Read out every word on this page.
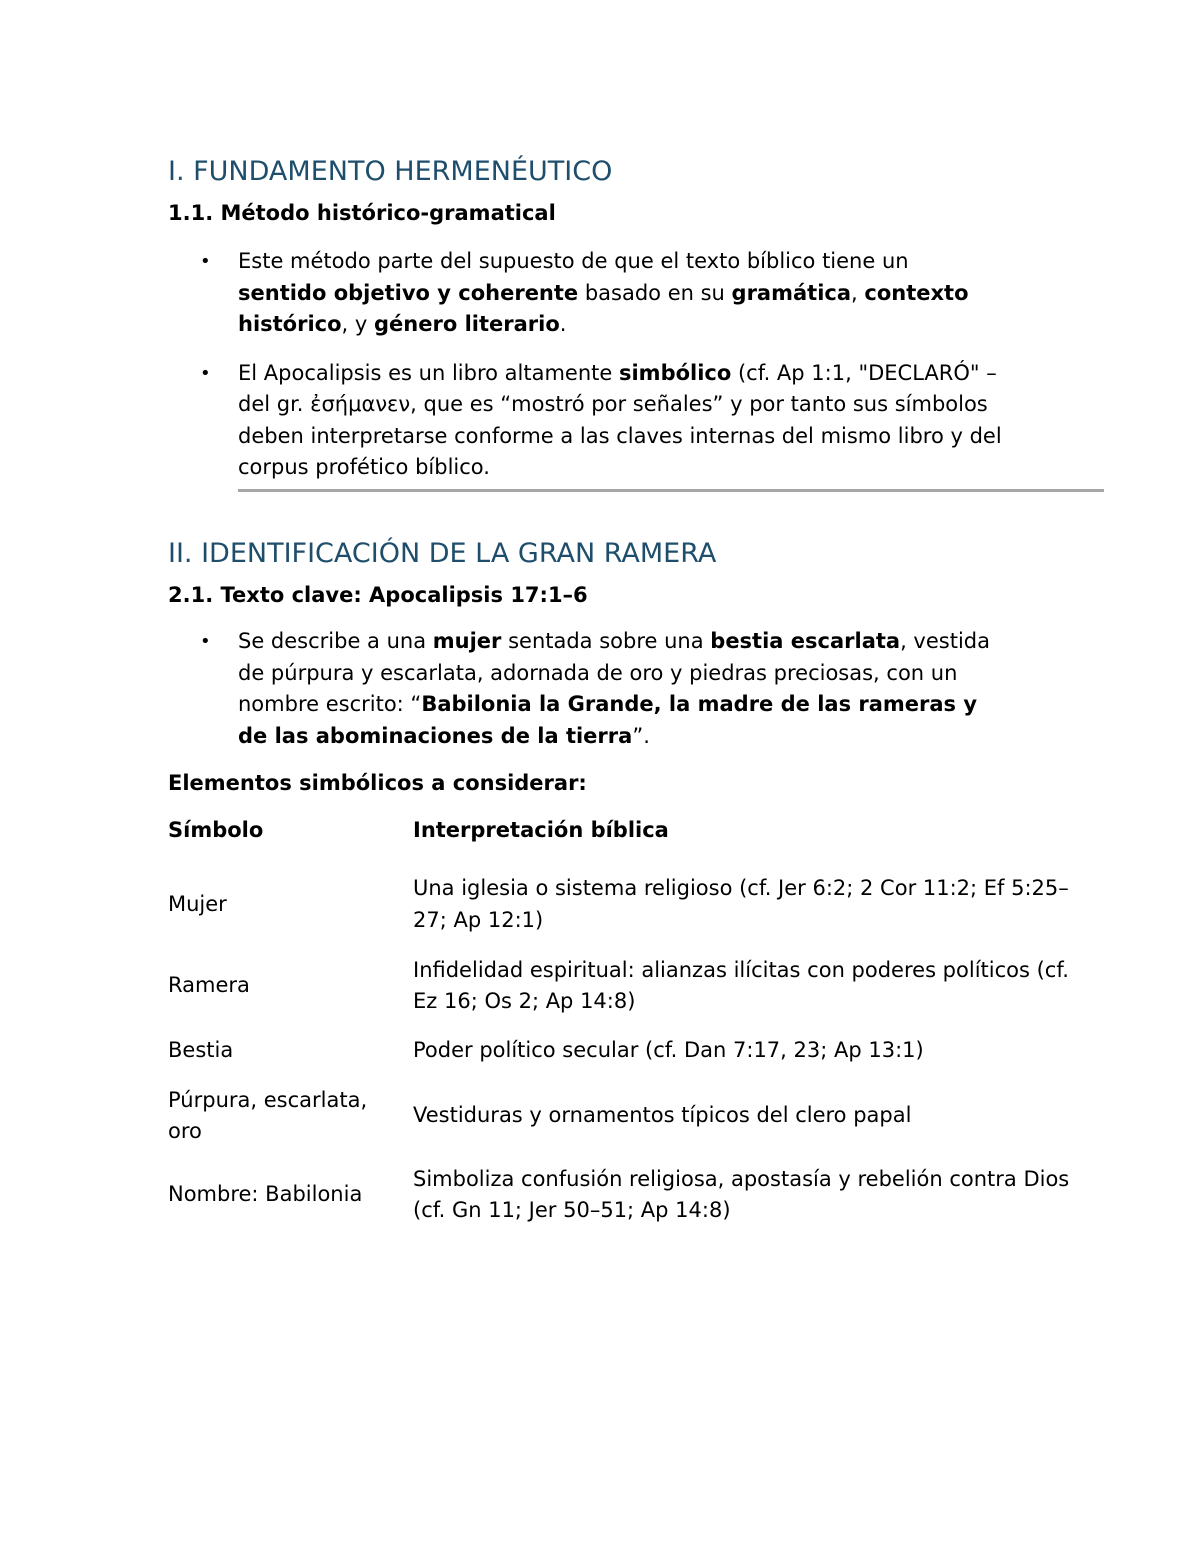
I. FUNDAMENTO HERMENÉUTICO
1.1. Método histórico-gramatical
• Este método parte del supuesto de que el texto bíblico tiene un sentido objetivo y coherente basado en su gramática, contexto histórico, y género literario.
• El Apocalipsis es un libro altamente simbólico (cf. Ap 1:1, "DECLARÓ" – del gr. ἐσήμανεν, que es “mostró por señales” y por tanto sus símbolos deben interpretarse conforme a las claves internas del mismo libro y del corpus profético bíblico.
II. IDENTIFICACIÓN DE LA GRAN RAMERA
2.1. Texto clave: Apocalipsis 17:1–6
• Se describe a una mujer sentada sobre una bestia escarlata, vestida de púrpura y escarlata, adornada de oro y piedras preciosas, con un nombre escrito: “Babilonia la Grande, la madre de las rameras y de las abominaciones de la tierra”.

Elementos simbólicos a considerar:

Símbolo	Interpretación bíblica
Mujer	Una iglesia o sistema religioso (cf. Jer 6:2; 2 Cor 11:2; Ef 5:25–27; Ap 12:1)
Ramera	Infidelidad espiritual: alianzas ilícitas con poderes políticos (cf. Ez 16; Os 2; Ap 14:8)
Bestia	Poder político secular (cf. Dan 7:17, 23; Ap 13:1)
Púrpura, escarlata, oro	Vestiduras y ornamentos típicos del clero papal
Nombre: Babilonia	Simboliza confusión religiosa, apostasía y rebelión contra Dios (cf. Gn 11; Jer 50–51; Ap 14:8)
